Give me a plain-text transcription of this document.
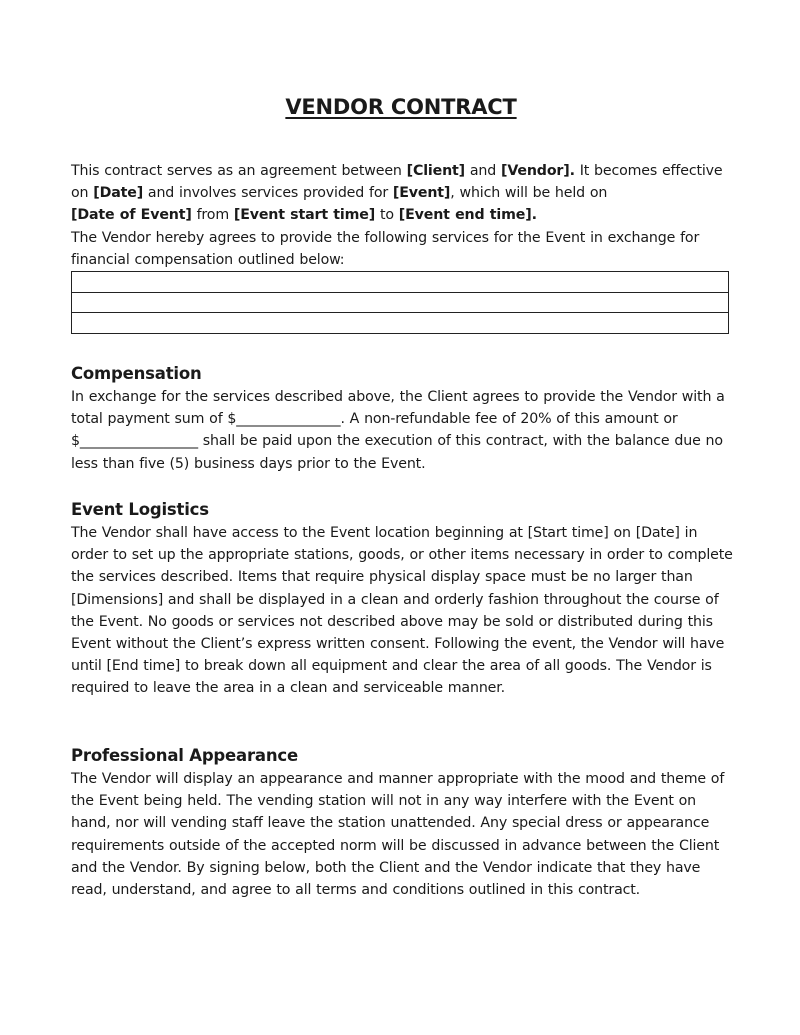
VENDOR CONTRACT

This contract serves as an agreement between [Client] and [Vendor]. It becomes effective on [Date] and involves services provided for [Event], which will be held on
[Date of Event] from [Event start time] to [Event end time].
The Vendor hereby agrees to provide the following services for the Event in exchange for financial compensation outlined below:

Compensation

In exchange for the services described above, the Client agrees to provide the Vendor with a total payment sum of $_______________. A non-refundable fee of 20% of this amount or $_________________ shall be paid upon the execution of this contract, with the balance due no less than five (5) business days prior to the Event.

Event Logistics

The Vendor shall have access to the Event location beginning at [Start time] on [Date] in order to set up the appropriate stations, goods, or other items necessary in order to complete the services described. Items that require physical display space must be no larger than [Dimensions] and shall be displayed in a clean and orderly fashion throughout the course of the Event. No goods or services not described above may be sold or distributed during this Event without the Client’s express written consent. Following the event, the Vendor will have until [End time] to break down all equipment and clear the area of all goods. The Vendor is required to leave the area in a clean and serviceable manner.

Professional Appearance

The Vendor will display an appearance and manner appropriate with the mood and theme of the Event being held. The vending station will not in any way interfere with the Event on hand, nor will vending staff leave the station unattended. Any special dress or appearance requirements outside of the accepted norm will be discussed in advance between the Client and the Vendor. By signing below, both the Client and the Vendor indicate that they have read, understand, and agree to all terms and conditions outlined in this contract.
